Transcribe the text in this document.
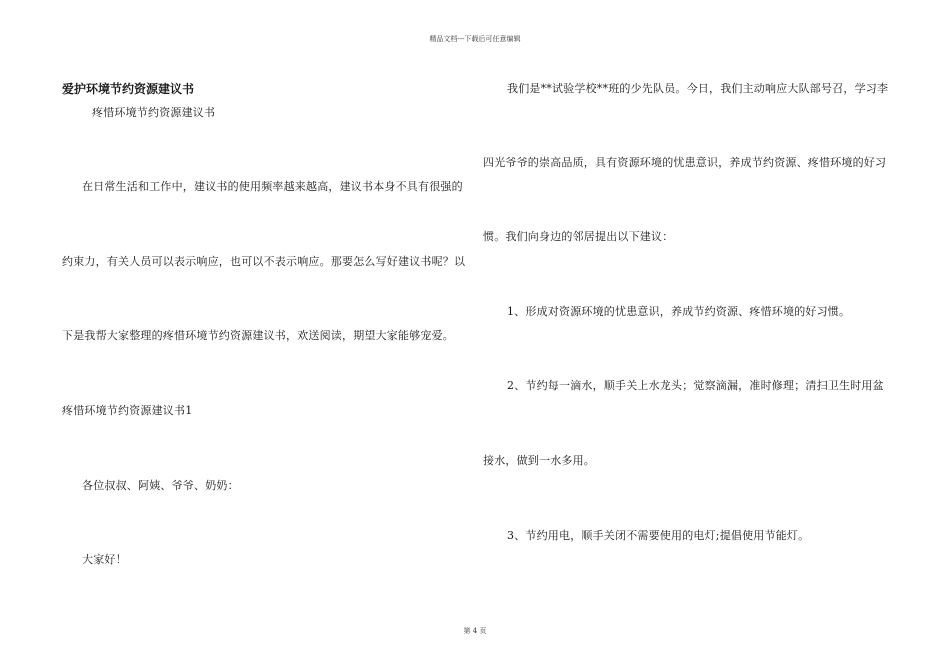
精品文档---下载后可任意编辑
爱护环境节约资源建议书
疼惜环境节约资源建议书
在日常生活和工作中，建议书的使用频率越来越高，建议书本身不具有很强的
约束力，有关人员可以表示响应，也可以不表示响应。那要怎么写好建议书呢？以
下是我帮大家整理的疼惜环境节约资源建议书，欢送阅读，期望大家能够宠爱。
疼惜环境节约资源建议书1
各位叔叔、阿姨、爷爷、奶奶：
大家好！
我们是**试验学校**班的少先队员。今日，我们主动响应大队部号召，学习李
四光爷爷的崇高品质，具有资源环境的忧患意识，养成节约资源、疼惜环境的好习
惯。我们向身边的邻居提出以下建议：
1、形成对资源环境的忧患意识，养成节约资源、疼惜环境的好习惯。
2、节约每一滴水，顺手关上水龙头；觉察滴漏，准时修理；清扫卫生时用盆
接水，做到一水多用。
3、节约用电，顺手关闭不需要使用的电灯;提倡使用节能灯。
第 4 页
